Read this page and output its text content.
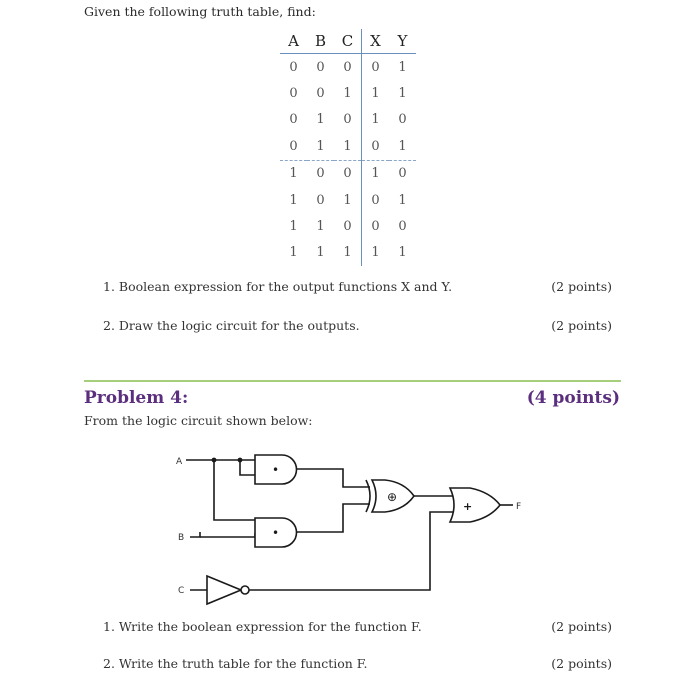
Given the following truth table, find:
A	B	C	X	Y
0	0	0	0	1
0	0	1	1	1
0	1	0	1	0
0	1	1	0	1
1	0	0	1	0
1	0	1	0	1
1	1	0	0	0
1	1	1	1	1
1. Boolean expression for the output functions X and Y.	(2 points)
2. Draw the logic circuit for the outputs.	(2 points)
Problem 4:	(4 points)
From the logic circuit shown below:
A
B
C
F
•
•
⊕
+
1. Write the boolean expression for the function F.	(2 points)
2. Write the truth table for the function F.	(2 points)
